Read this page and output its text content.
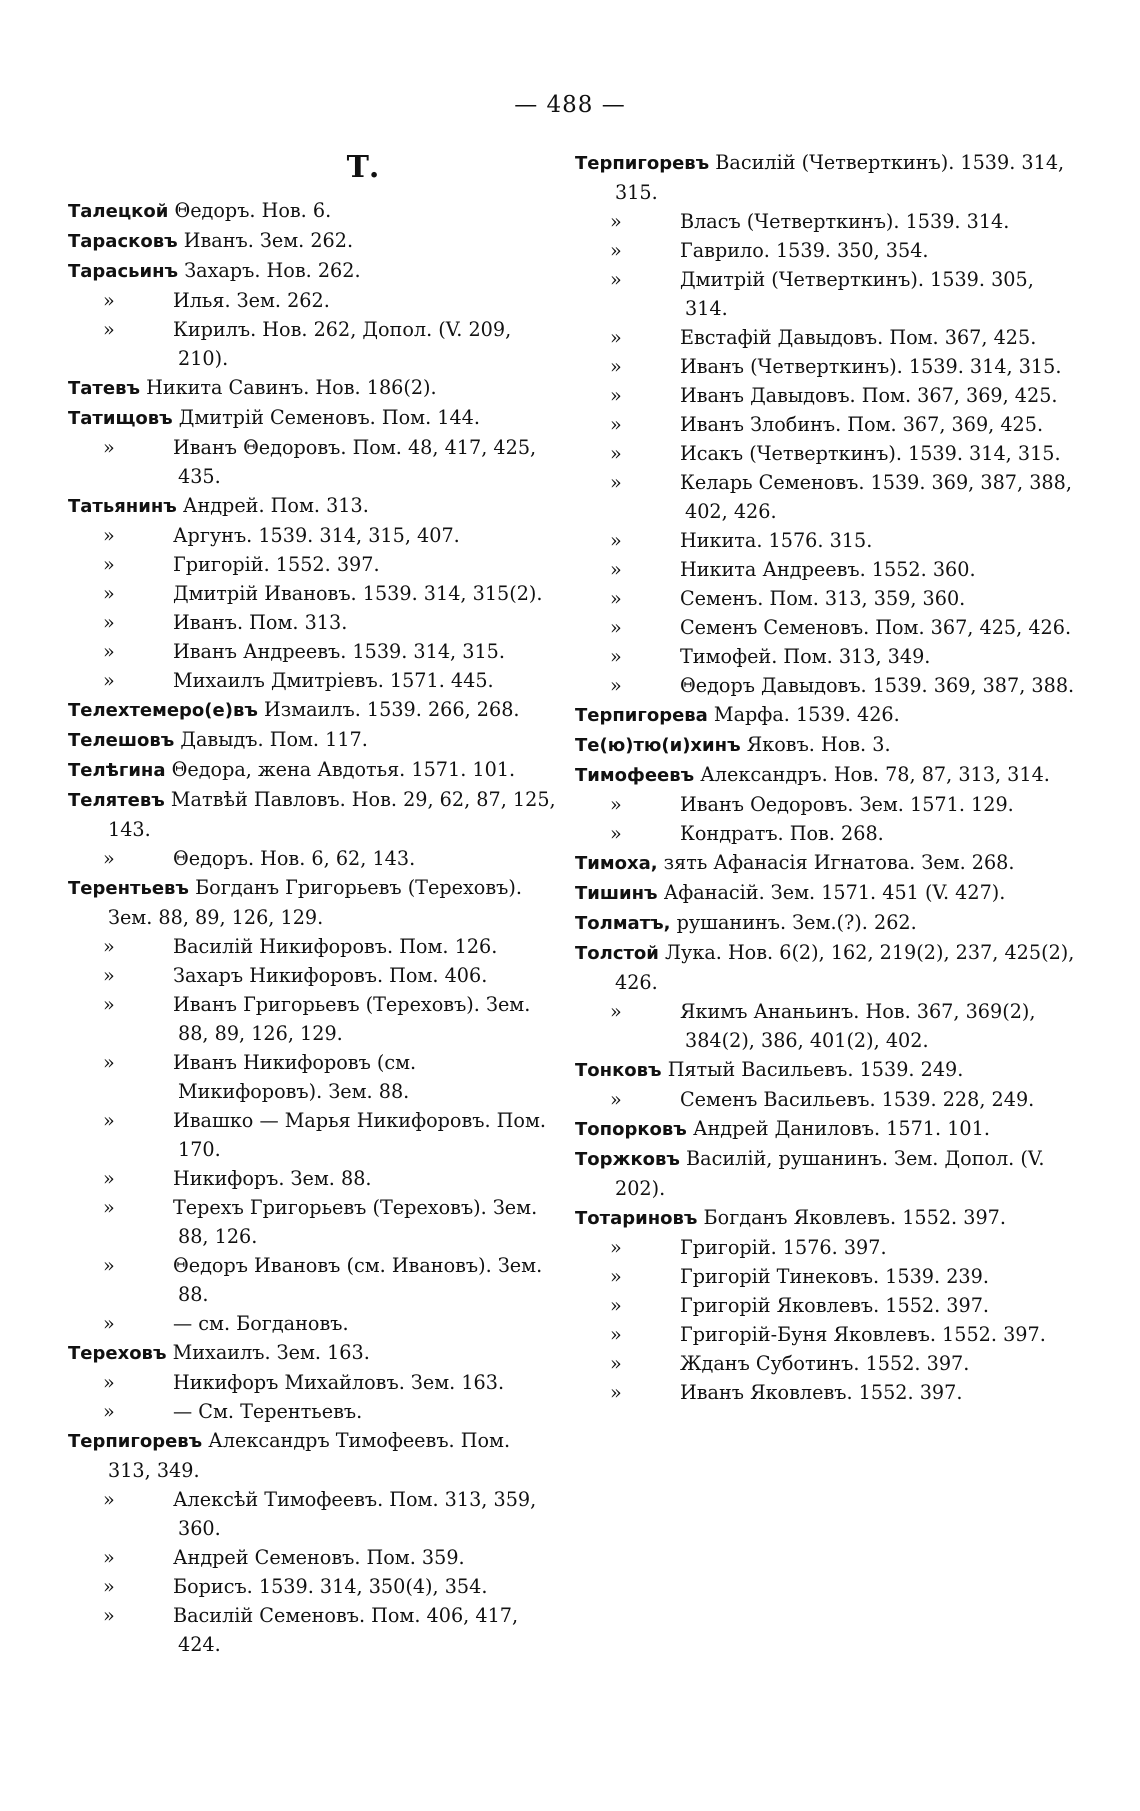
— 488 —
Т.
Талецкой Θедоръ. Нов. 6.
Тарасковъ Иванъ. Зем. 262.
Тарасьинъ Захаръ. Нов. 262.
»	Илья. Зем. 262.
»	Кирилъ. Нов. 262, Допол. (V. 209, 210).
Татевъ Никита Савинъ. Нов. 186(2).
Татищовъ Дмитрій Семеновъ. Пом. 144.
»	Иванъ Θедоровъ. Пом. 48, 417, 425, 435.
Татьянинъ Андрей. Пом. 313.
»	Аргунъ. 1539. 314, 315, 407.
»	Григорій. 1552. 397.
»	Дмитрій Ивановъ. 1539. 314, 315(2).
»	Иванъ. Пом. 313.
»	Иванъ Андреевъ. 1539. 314, 315.
»	Михаилъ Дмитріевъ. 1571. 445.
Телехтемеро(е)въ Измаилъ. 1539. 266, 268.
Телешовъ Давыдъ. Пом. 117.
Телѣгина Θедора, жена Авдотья. 1571. 101.
Телятевъ Матвѣй Павловъ. Нов. 29, 62, 87, 125, 143.
»	Θедоръ. Нов. 6, 62, 143.
Терентьевъ Богданъ Григорьевъ (Тереховъ). Зем. 88, 89, 126, 129.
»	Василій Никифоровъ. Пом. 126.
»	Захаръ Никифоровъ. Пом. 406.
»	Иванъ Григорьевъ (Тереховъ). Зем. 88, 89, 126, 129.
»	Иванъ Никифоровъ (см. Микифоровъ). Зем. 88.
»	Ивашко — Марья Никифоровъ. Пом. 170.
»	Никифоръ. Зем. 88.
»	Терехъ Григорьевъ (Тереховъ). Зем. 88, 126.
»	Θедоръ Ивановъ (см. Ивановъ). Зем. 88.
»	— см. Богдановъ.
Тереховъ Михаилъ. Зем. 163.
»	Никифоръ Михайловъ. Зем. 163.
»	— См. Терентьевъ.
Терпигоревъ Александръ Тимофеевъ. Пом. 313, 349.
»	Алексѣй Тимофеевъ. Пом. 313, 359, 360.
»	Андрей Семеновъ. Пом. 359.
»	Борисъ. 1539. 314, 350(4), 354.
»	Василій Семеновъ. Пом. 406, 417, 424.
Терпигоревъ Василій (Четверткинъ). 1539. 314, 315.
»	Власъ (Четверткинъ). 1539. 314.
»	Гаврило. 1539. 350, 354.
»	Дмитрій (Четверткинъ). 1539. 305, 314.
»	Евстафій Давыдовъ. Пом. 367, 425.
»	Иванъ (Четверткинъ). 1539. 314, 315.
»	Иванъ Давыдовъ. Пом. 367, 369, 425.
»	Иванъ Злобинъ. Пом. 367, 369, 425.
»	Исакъ (Четверткинъ). 1539. 314, 315.
»	Келарь Семеновъ. 1539. 369, 387, 388, 402, 426.
»	Никита. 1576. 315.
»	Никита Андреевъ. 1552. 360.
»	Семенъ. Пом. 313, 359, 360.
»	Семенъ Семеновъ. Пом. 367, 425, 426.
»	Тимофей. Пом. 313, 349.
»	Θедоръ Давыдовъ. 1539. 369, 387, 388.
Терпигорева Марфа. 1539. 426.
Те(ю)тю(и)хинъ Яковъ. Нов. 3.
Тимофеевъ Александръ. Нов. 78, 87, 313, 314.
»	Иванъ Оедоровъ. Зем. 1571. 129.
»	Кондратъ. Пов. 268.
Тимоха, зять Афанасія Игнатова. Зем. 268.
Тишинъ Афанасій. Зем. 1571. 451 (V. 427).
Толматъ, рушанинъ. Зем.(?). 262.
Толстой Лука. Нов. 6(2), 162, 219(2), 237, 425(2), 426.
»	Якимъ Ананьинъ. Нов. 367, 369(2), 384(2), 386, 401(2), 402.
Тонковъ Пятый Васильевъ. 1539. 249.
»	Семенъ Васильевъ. 1539. 228, 249.
Топорковъ Андрей Даниловъ. 1571. 101.
Торжковъ Василій, рушанинъ. Зем. Допол. (V. 202).
Тотариновъ Богданъ Яковлевъ. 1552. 397.
»	Григорій. 1576. 397.
»	Григорій Тинековъ. 1539. 239.
»	Григорій Яковлевъ. 1552. 397.
»	Григорій-Буня Яковлевъ. 1552. 397.
»	Жданъ Суботинъ. 1552. 397.
»	Иванъ Яковлевъ. 1552. 397.
